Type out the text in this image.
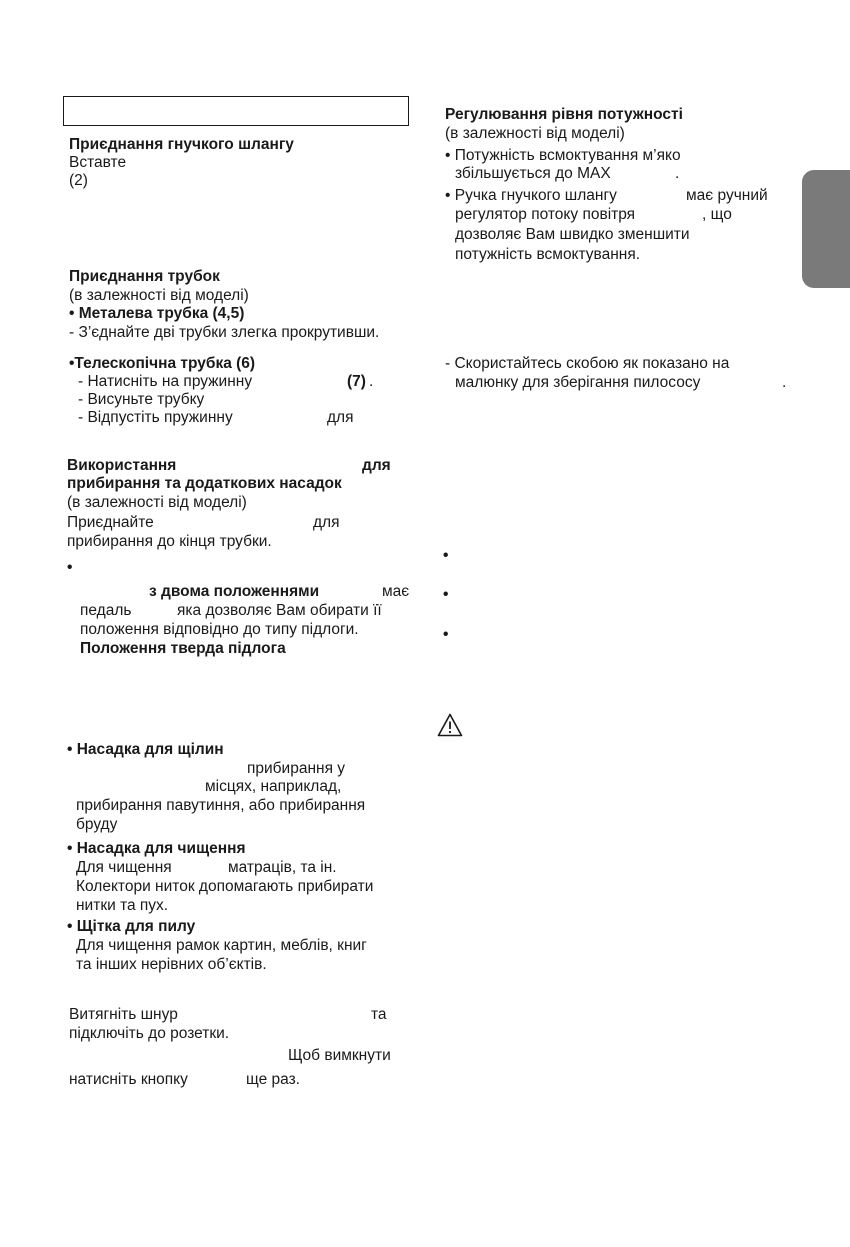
Приєднання гнучкого шлангу
Вставте
(2)
Приєднання трубок
(в залежності від моделі)
• Металева трубка (4,5)
- З’єднайте дві трубки злегка прокрутивши.
•Телескопічна трубка (6)
- Натисніть на пружинну	(7) .
- Висуньте трубку
- Відпустіть пружинну	для
Використання	для
прибирання та додаткових насадок
(в залежності від моделі)
Приєднайте	для
прибирання до кінця трубки.
•
з двома положеннями	має
педаль	яка дозволяє Вам обирати її
положення відповідно до типу підлоги.
Положення тверда підлога
• Насадка для щілин
прибирання у
місцях, наприклад,
прибирання павутиння, або прибирання
бруду
• Насадка для чищення
Для чищення	матраців, та ін.
Колектори ниток допомагають прибирати
нитки та пух.
• Щітка для пилу
Для чищення рамок картин, меблів, книг
та інших нерівних об’єктів.
Витягніть шнур	та
підключіть до розетки.
Щоб вимкнути
натисніть кнопку	ще раз.
Регулювання рівня потужності
(в залежності від моделі)
• Потужність всмоктування м’яко
збільшується до MAX	.
• Ручка гнучкого шлангу	має ручний
регулятор потоку повітря	, що
дозволяє Вам швидко зменшити
потужність всмоктування.
- Скористайтесь скобою як показано на
малюнку для зберігання пилососу	.
•
•
•
